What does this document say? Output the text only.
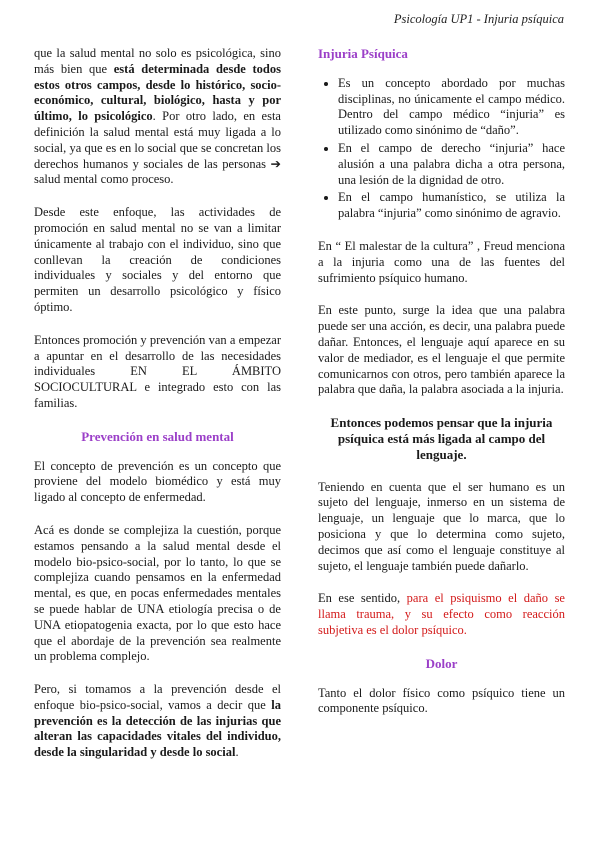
Psicología UP1 - Injuria psíquica

que la salud mental no solo es psicológica, sino más bien que está determinada desde todos estos otros campos, desde lo histórico, socio-económico, cultural, biológico, hasta y por último, lo psicológico. Por otro lado, en esta definición la salud mental está muy ligada a lo social, ya que es en lo social que se concretan los derechos humanos y sociales de las personas ➔ salud mental como proceso.

Desde este enfoque, las actividades de promoción en salud mental no se van a limitar únicamente al trabajo con el individuo, sino que conllevan la creación de condiciones individuales y sociales y del entorno que permiten un desarrollo psicológico y físico óptimo.

Entonces promoción y prevención van a empezar a apuntar en el desarrollo de las necesidades individuales EN EL ÁMBITO SOCIOCULTURAL e integrado esto con las familias.

Prevención en salud mental

El concepto de prevención es un concepto que proviene del modelo biomédico y está muy ligado al concepto de enfermedad.

Acá es donde se complejiza la cuestión, porque estamos pensando a la salud mental desde el modelo bio-psico-social, por lo tanto, lo que se complejiza cuando pensamos en la enfermedad mental, es que, en pocas enfermedades mentales se puede hablar de UNA etiología precisa o de UNA etiopatogenia exacta, por lo que esto hace que el abordaje de la prevención sea realmente un problema complejo.

Pero, si tomamos a la prevención desde el enfoque bio-psico-social, vamos a decir que la prevención es la detección de las injurias que alteran las capacidades vitales del individuo, desde la singularidad y desde lo social.

Injuria Psíquica
• Es un concepto abordado por muchas disciplinas, no únicamente el campo médico. Dentro del campo médico “injuria” es utilizado como sinónimo de “daño”.
• En el campo de derecho “injuria” hace alusión a una palabra dicha a otra persona, una lesión de la dignidad de otro.
• En el campo humanístico, se utiliza la palabra “injuria” como sinónimo de agravio.

En “ El malestar de la cultura” , Freud menciona a la injuria como una de las fuentes del sufrimiento psíquico humano.

En este punto, surge la idea que una palabra puede ser una acción, es decir, una palabra puede dañar. Entonces, el lenguaje aquí aparece en su valor de mediador, es el lenguaje el que permite comunicarnos con otros, pero también aparece la palabra que daña, la palabra asociada a la injuria.

Entonces podemos pensar que la injuria psíquica está más ligada al campo del lenguaje.

Teniendo en cuenta que el ser humano es un sujeto del lenguaje, inmerso en un sistema de lenguaje, un lenguaje que lo marca, que lo posiciona y que lo determina como sujeto, decimos que así como el lenguaje constituye al sujeto, el lenguaje también puede dañarlo.

En ese sentido, para el psiquismo el daño se llama trauma, y su efecto como reacción subjetiva es el dolor psíquico.

Dolor

Tanto el dolor físico como psíquico tiene un componente psíquico.
